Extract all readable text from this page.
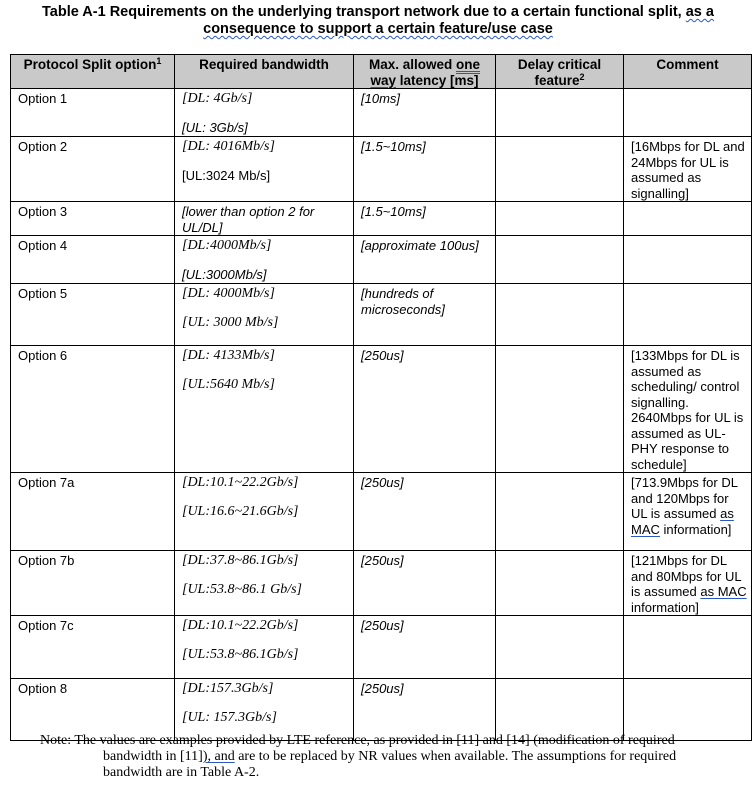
Table A-1 Requirements on the underlying transport network due to a certain functional split, as a
consequence to support a certain feature/use case
Protocol Split option$^1$	Required bandwidth	Max. allowed one way latency [ms]	Delay critical feature$^2$	Comment
Option 1	[DL: 4Gb/s]
[UL: 3Gb/s]	[10ms]		
Option 2	[DL: 4016Mb/s]
[UL:3024 Mb/s]	[1.5~10ms]		[16Mbps for DL and 24Mbps for UL is assumed as signalling]
Option 3	[lower than option 2 for UL/DL]	[1.5~10ms]		
Option 4	[DL:4000Mb/s]
[UL:3000Mb/s]	[approximate 100us]		
Option 5	[DL: 4000Mb/s]
[UL: 3000 Mb/s]	[hundreds of microseconds]		
Option 6	[DL: 4133Mb/s]
[UL:5640 Mb/s]	[250us]		[133Mbps for DL is assumed as scheduling/ control signalling. 2640Mbps for UL is assumed as UL-PHY response to schedule]
Option 7a	[DL:10.1~22.2Gb/s]
[UL:16.6~21.6Gb/s]	[250us]		[713.9Mbps for DL and 120Mbps for UL is assumed as MAC information]
Option 7b	[DL:37.8~86.1Gb/s]
[UL:53.8~86.1 Gb/s]	[250us]		[121Mbps for DL and 80Mbps for UL is assumed as MAC information]
Option 7c	[DL:10.1~22.2Gb/s]
[UL:53.8~86.1Gb/s]	[250us]		
Option 8	[DL:157.3Gb/s]
[UL: 157.3Gb/s]	[250us]		
Note: The values are examples provided by LTE reference, as provided in [11] and [14] (modification of required
bandwidth in [11]), and are to be replaced by NR values when available. The assumptions for required
bandwidth are in Table A-2.
